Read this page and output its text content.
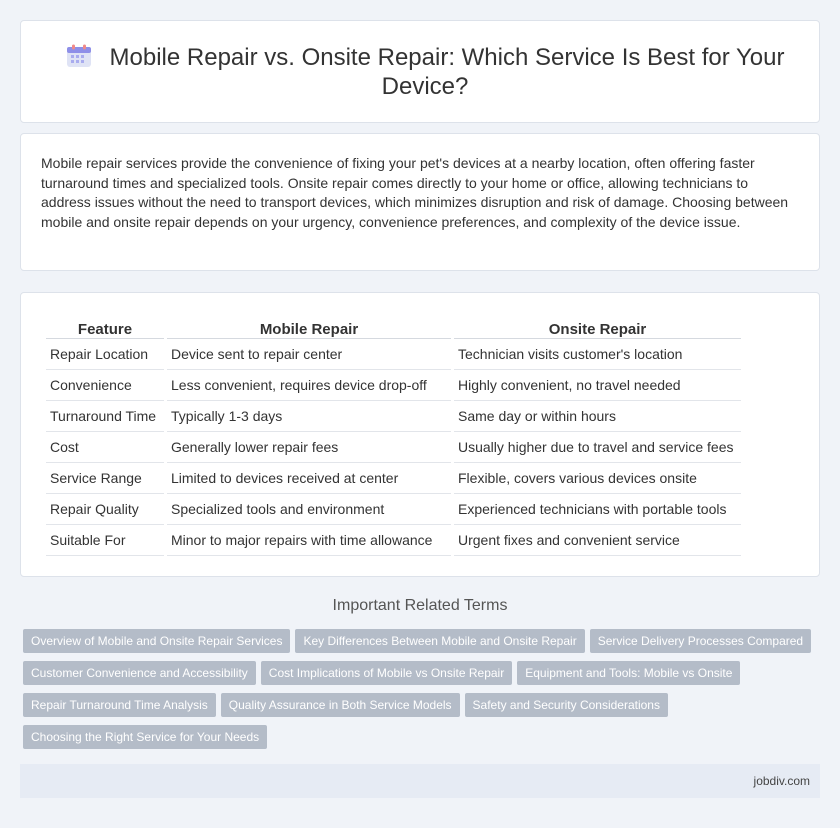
Mobile Repair vs. Onsite Repair: Which Service Is Best for Your Device?

Mobile repair services provide the convenience of fixing your pet's devices at a nearby location, often offering faster turnaround times and specialized tools. Onsite repair comes directly to your home or office, allowing technicians to address issues without the need to transport devices, which minimizes disruption and risk of damage. Choosing between mobile and onsite repair depends on your urgency, convenience preferences, and complexity of the device issue.

Feature	Mobile Repair	Onsite Repair
Repair Location	Device sent to repair center	Technician visits customer's location
Convenience	Less convenient, requires device drop-off	Highly convenient, no travel needed
Turnaround Time	Typically 1-3 days	Same day or within hours
Cost	Generally lower repair fees	Usually higher due to travel and service fees
Service Range	Limited to devices received at center	Flexible, covers various devices onsite
Repair Quality	Specialized tools and environment	Experienced technicians with portable tools
Suitable For	Minor to major repairs with time allowance	Urgent fixes and convenient service
Important Related Terms
Overview of Mobile and Onsite Repair Services Key Differences Between Mobile and Onsite Repair Service Delivery Processes Compared
Customer Convenience and Accessibility Cost Implications of Mobile vs Onsite Repair Equipment and Tools: Mobile vs Onsite
Repair Turnaround Time Analysis Quality Assurance in Both Service Models Safety and Security Considerations
Choosing the Right Service for Your Needs
jobdiv.com
